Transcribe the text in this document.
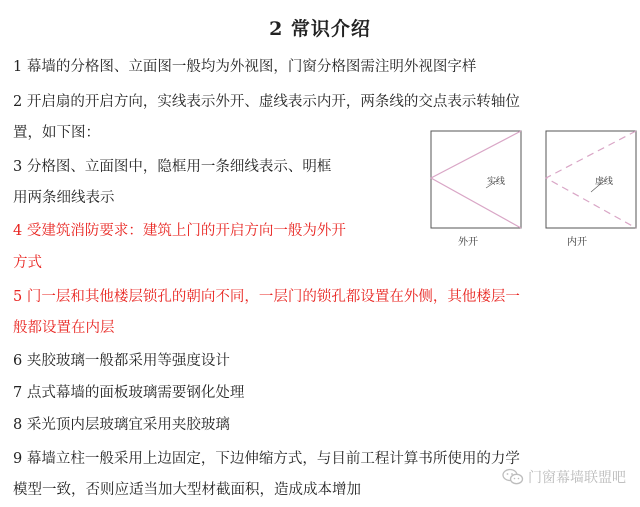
2 常识介绍
1 幕墙的分格图、立面图一般均为外视图，门窗分格图需注明外视图字样
2 开启扇的开启方向，实线表示外开、虚线表示内开，两条线的交点表示转轴位
置，如下图：
3 分格图、立面图中，隐框用一条细线表示、明框
用两条细线表示
4 受建筑消防要求：建筑上门的开启方向一般为外开
方式
5 门一层和其他楼层锁孔的朝向不同，一层门的锁孔都设置在外侧，其他楼层一
般都设置在内层
6 夹胶玻璃一般都采用等强度设计
7 点式幕墙的面板玻璃需要钢化处理
8 采光顶内层玻璃宜采用夹胶玻璃
9 幕墙立柱一般采用上边固定，下边伸缩方式，与目前工程计算书所使用的力学
模型一致，否则应适当加大型材截面积，造成成本增加
实线
外开
虚线
内开
门窗幕墙联盟吧
